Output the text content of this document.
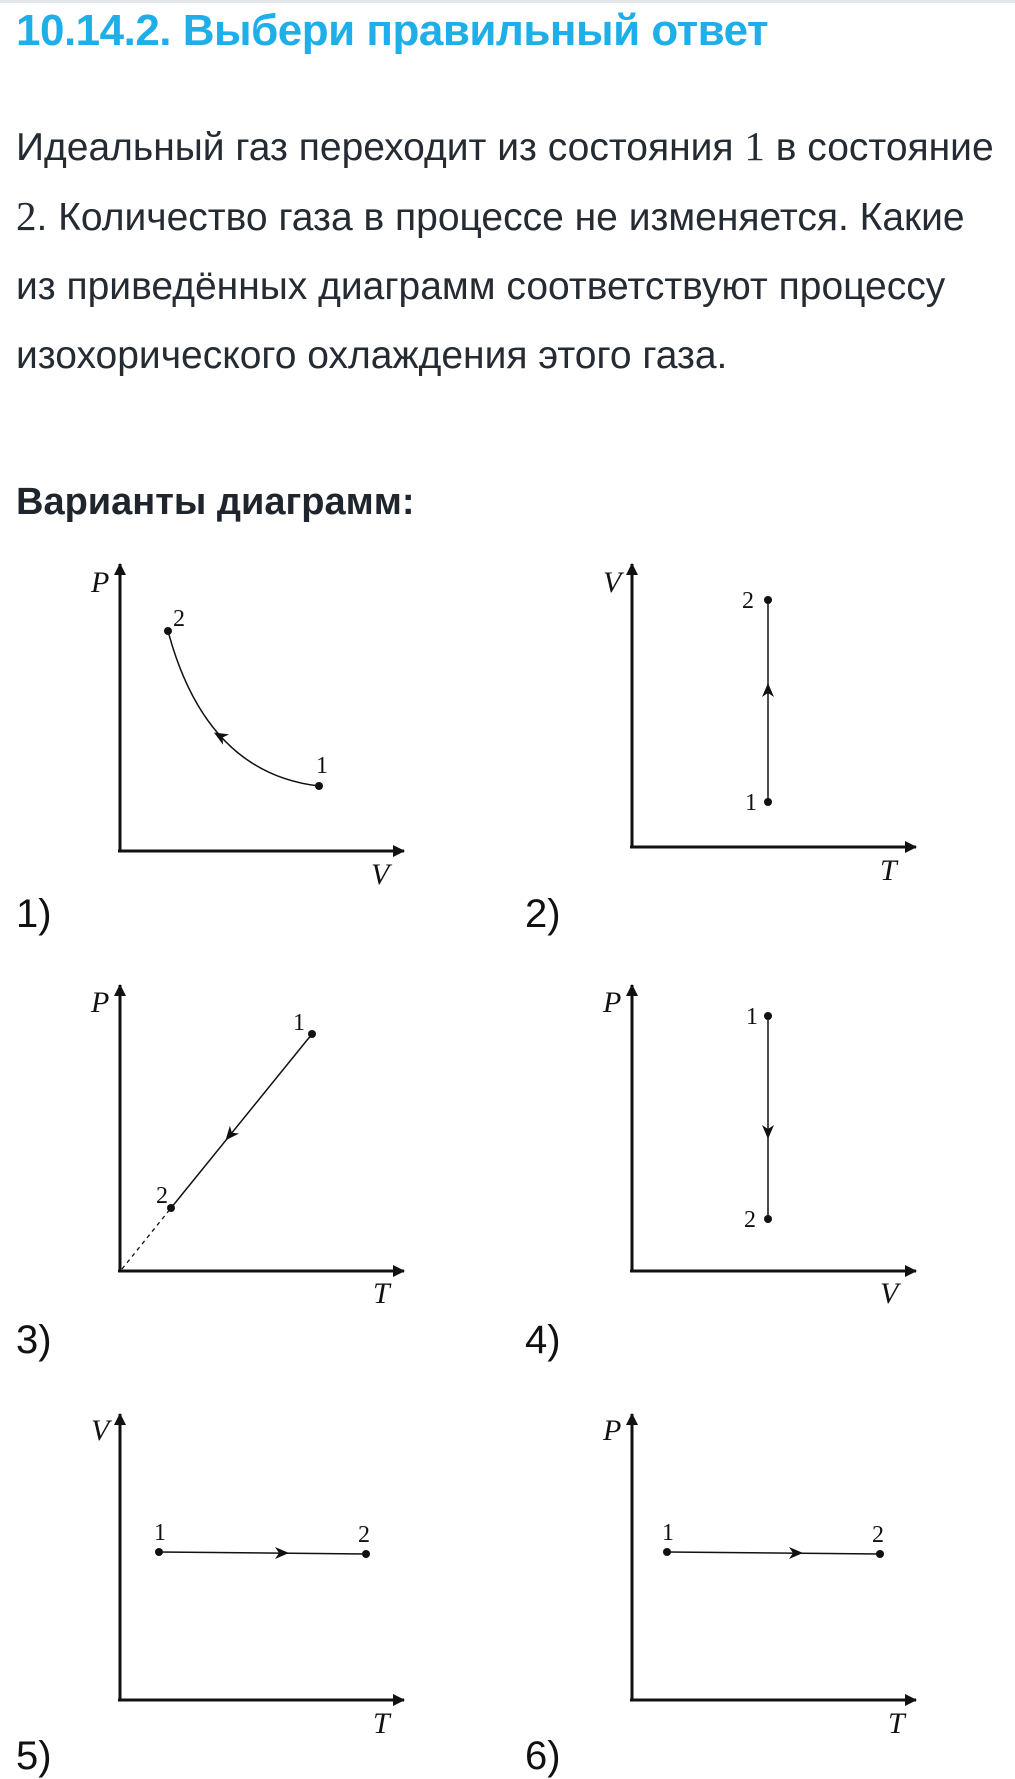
10.14.2. Выбери правильный ответ

Идеальный газ переходит из состояния 1 в состояние 2. Количество газа в процессе не изменяется. Какие из приведённых диаграмм соответствуют процессу изохорического охлаждения этого газа.

Варианты диаграмм:
P
V
2
1
1)
V
T
2
1
2)
P
T
1
2
3)
P
V
1
2
4)
V
T
1	2
5)
P
T
1	2
6)
